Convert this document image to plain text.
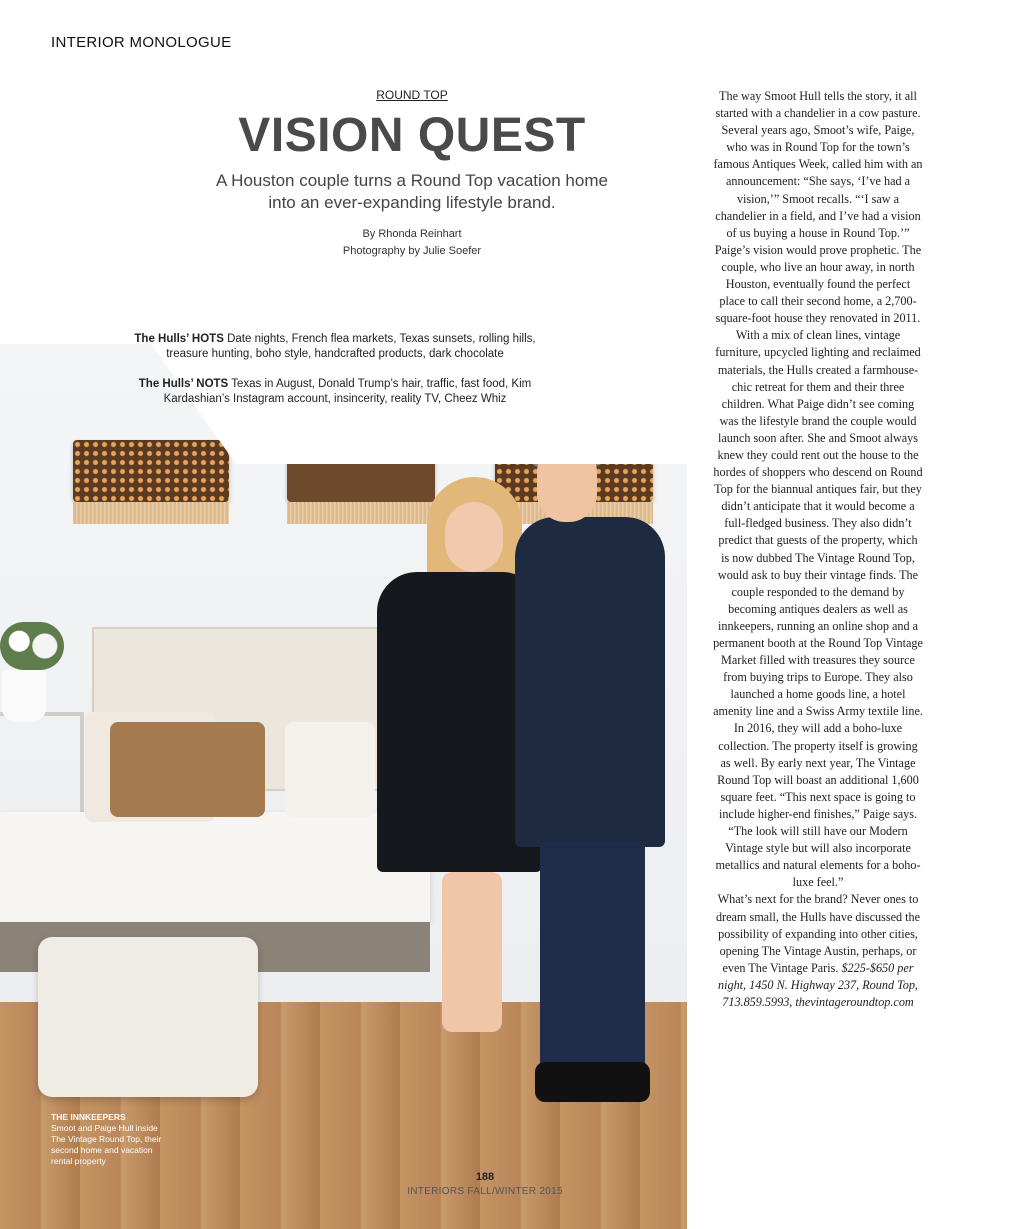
INTERIOR MONOLOGUE
ROUND TOP
VISION QUEST
A Houston couple turns a Round Top vacation home into an ever-expanding lifestyle brand.
By Rhonda Reinhart
Photography by Julie Soefer
The Hulls’ HOTS Date nights, French flea markets, Texas sunsets, rolling hills, treasure hunting, boho style, handcrafted products, dark chocolate
The Hulls’ NOTS Texas in August, Donald Trump’s hair, traffic, fast food, Kim Kardashian’s Instagram account, insincerity, reality TV, Cheez Whiz
THE INNKEEPERS
Smoot and Paige Hull inside The Vintage Round Top, their second home and vacation rental property
188
INTERIORS FALL/WINTER 2015

The way Smoot Hull tells the story, it all started with a chandelier in a cow pasture. Several years ago, Smoot’s wife, Paige, who was in Round Top for the town’s famous Antiques Week, called him with an announcement: “She says, ‘I’ve had a vision,’” Smoot recalls. “‘I saw a chandelier in a field, and I’ve had a vision of us buying a house in Round Top.’”

Paige’s vision would prove prophetic. The couple, who live an hour away, in north Houston, eventually found the perfect place to call their second home, a 2,700-square-foot house they renovated in 2011. With a mix of clean lines, vintage furniture, upcycled lighting and reclaimed materials, the Hulls created a farmhouse-chic retreat for them and their three children. What Paige didn’t see coming was the lifestyle brand the couple would launch soon after. She and Smoot always knew they could rent out the house to the hordes of shoppers who descend on Round Top for the biannual antiques fair, but they didn’t anticipate that it would become a full-fledged business. They also didn’t predict that guests of the property, which is now dubbed The Vintage Round Top, would ask to buy their vintage finds. The couple responded to the demand by becoming antiques dealers as well as innkeepers, running an online shop and a permanent booth at the Round Top Vintage Market filled with treasures they source from buying trips to Europe. They also launched a home goods line, a hotel amenity line and a Swiss Army textile line. In 2016, they will add a boho-luxe collection. The property itself is growing as well. By early next year, The Vintage Round Top will boast an additional 1,600 square feet. “This next space is going to include higher-end finishes,” Paige says. “The look will still have our Modern Vintage style but will also incorporate metallics and natural elements for a boho-luxe feel.”

What’s next for the brand? Never ones to dream small, the Hulls have discussed the possibility of expanding into other cities, opening The Vintage Austin, perhaps, or even The Vintage Paris. $225-$650 per night, 1450 N. Highway 237, Round Top, 713.859.5993, thevintageroundtop.com
